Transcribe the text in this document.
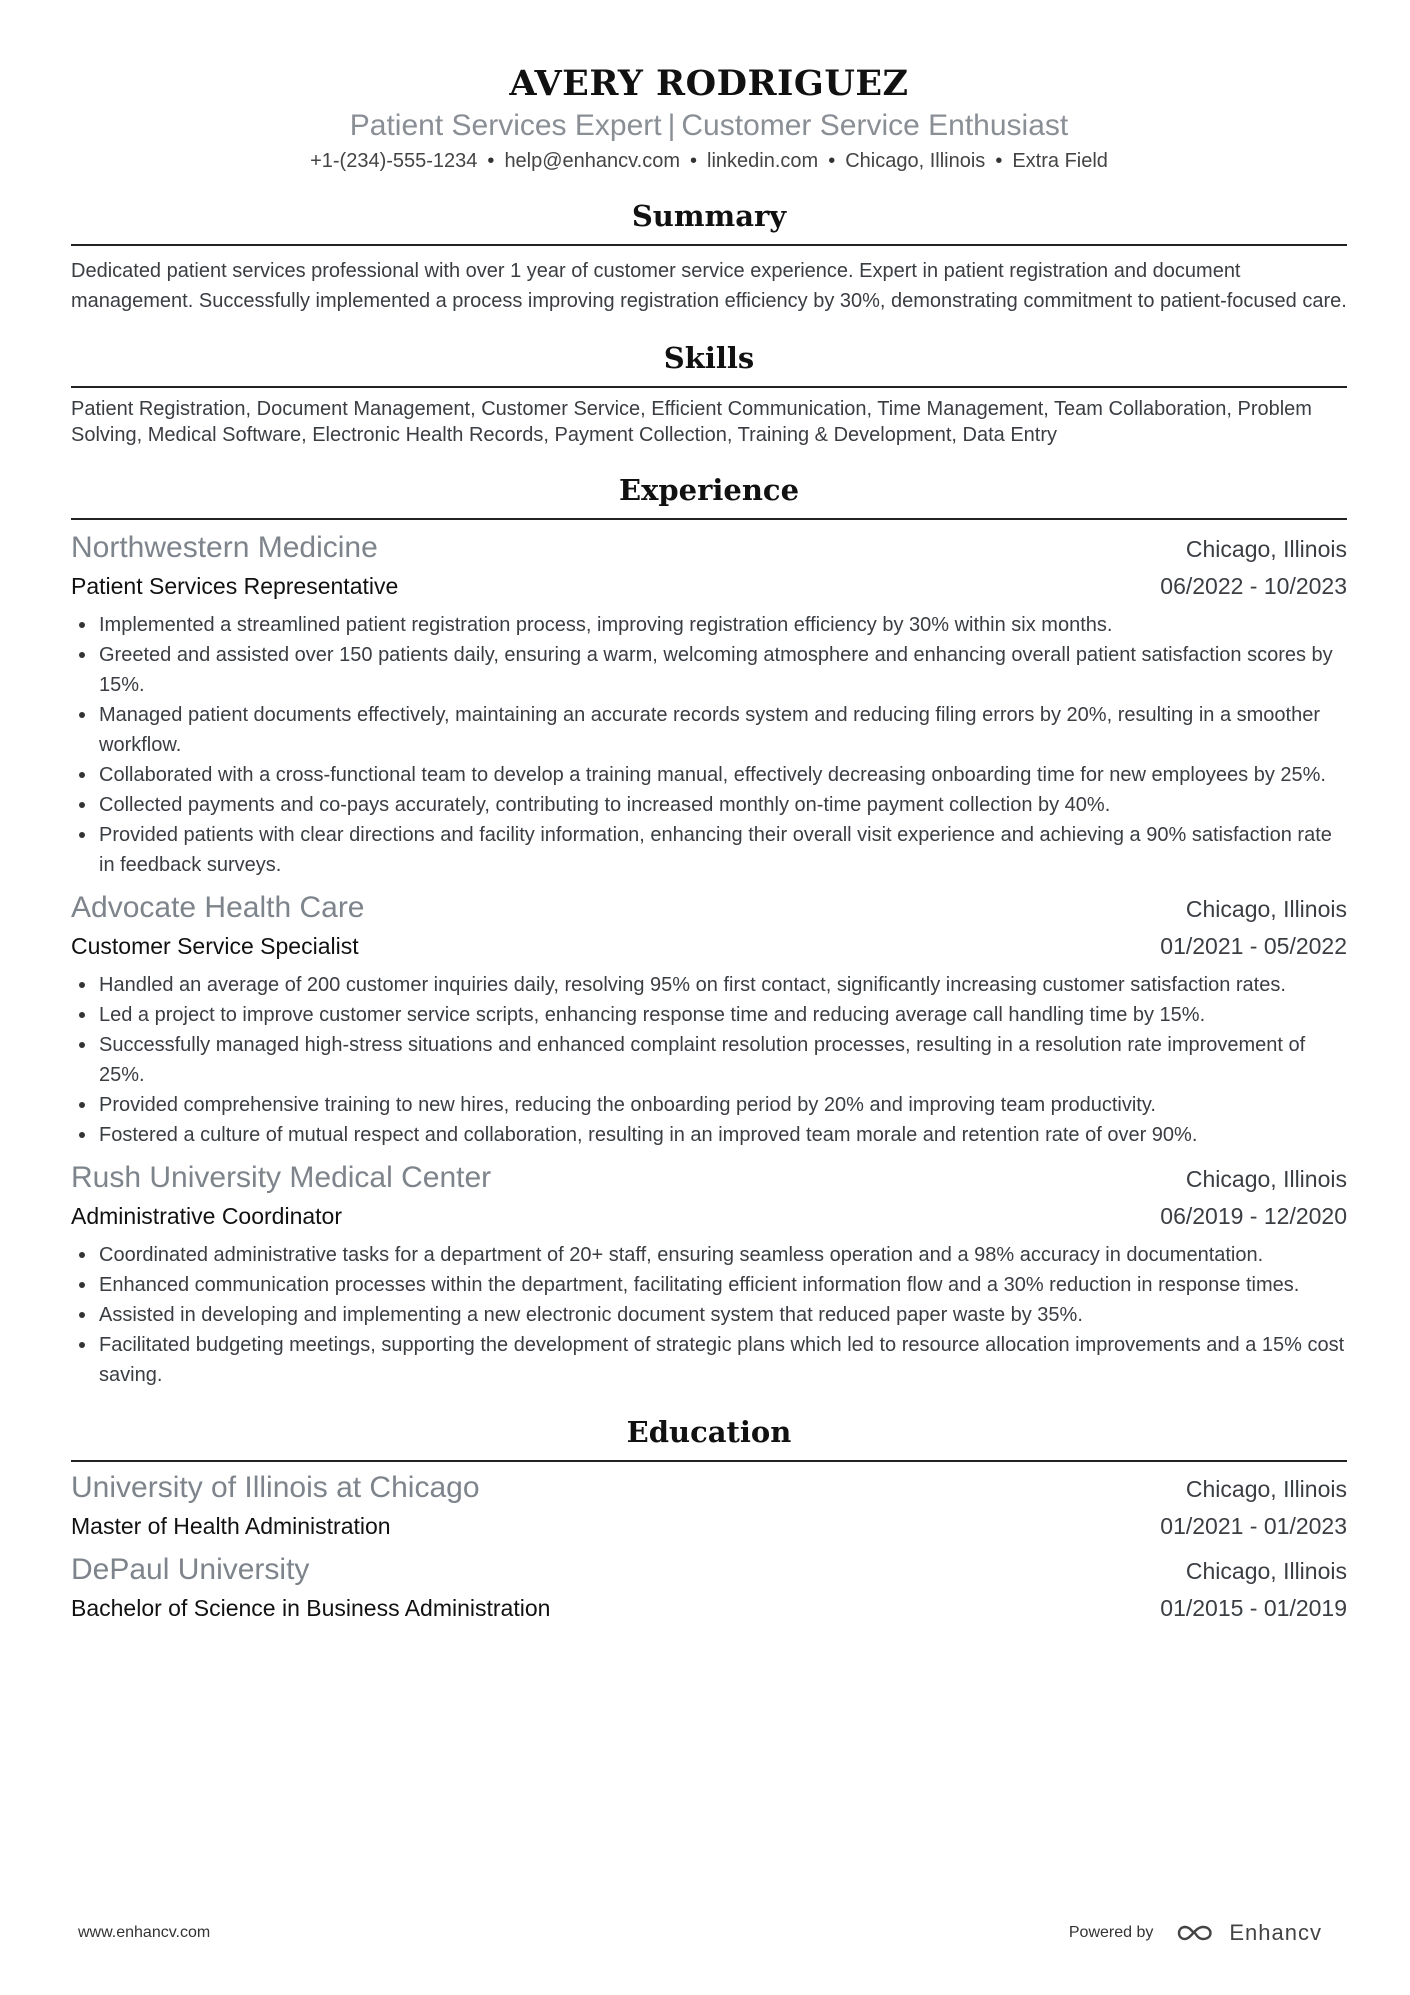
AVERY RODRIGUEZ
Patient Services Expert | Customer Service Enthusiast
+1-(234)-555-1234 • help@enhancv.com • linkedin.com • Chicago, Illinois • Extra Field
Summary
Dedicated patient services professional with over 1 year of customer service experience. Expert in patient registration and document management. Successfully implemented a process improving registration efficiency by 30%, demonstrating commitment to patient-focused care.
Skills
Patient Registration, Document Management, Customer Service, Efficient Communication, Time Management, Team Collaboration, Problem Solving, Medical Software, Electronic Health Records, Payment Collection, Training & Development, Data Entry
Experience
Northwestern Medicine	Chicago, Illinois
Patient Services Representative	06/2022 - 10/2023
Implemented a streamlined patient registration process, improving registration efficiency by 30% within six months.
Greeted and assisted over 150 patients daily, ensuring a warm, welcoming atmosphere and enhancing overall patient satisfaction scores by 15%.
Managed patient documents effectively, maintaining an accurate records system and reducing filing errors by 20%, resulting in a smoother workflow.
Collaborated with a cross-functional team to develop a training manual, effectively decreasing onboarding time for new employees by 25%.
Collected payments and co-pays accurately, contributing to increased monthly on-time payment collection by 40%.
Provided patients with clear directions and facility information, enhancing their overall visit experience and achieving a 90% satisfaction rate in feedback surveys.
Advocate Health Care	Chicago, Illinois
Customer Service Specialist	01/2021 - 05/2022
Handled an average of 200 customer inquiries daily, resolving 95% on first contact, significantly increasing customer satisfaction rates.
Led a project to improve customer service scripts, enhancing response time and reducing average call handling time by 15%.
Successfully managed high-stress situations and enhanced complaint resolution processes, resulting in a resolution rate improvement of 25%.
Provided comprehensive training to new hires, reducing the onboarding period by 20% and improving team productivity.
Fostered a culture of mutual respect and collaboration, resulting in an improved team morale and retention rate of over 90%.
Rush University Medical Center	Chicago, Illinois
Administrative Coordinator	06/2019 - 12/2020
Coordinated administrative tasks for a department of 20+ staff, ensuring seamless operation and a 98% accuracy in documentation.
Enhanced communication processes within the department, facilitating efficient information flow and a 30% reduction in response times.
Assisted in developing and implementing a new electronic document system that reduced paper waste by 35%.
Facilitated budgeting meetings, supporting the development of strategic plans which led to resource allocation improvements and a 15% cost saving.
Education
University of Illinois at Chicago	Chicago, Illinois
Master of Health Administration	01/2021 - 01/2023
DePaul University	Chicago, Illinois
Bachelor of Science in Business Administration	01/2015 - 01/2019
www.enhancv.com	Powered by	Enhancv
